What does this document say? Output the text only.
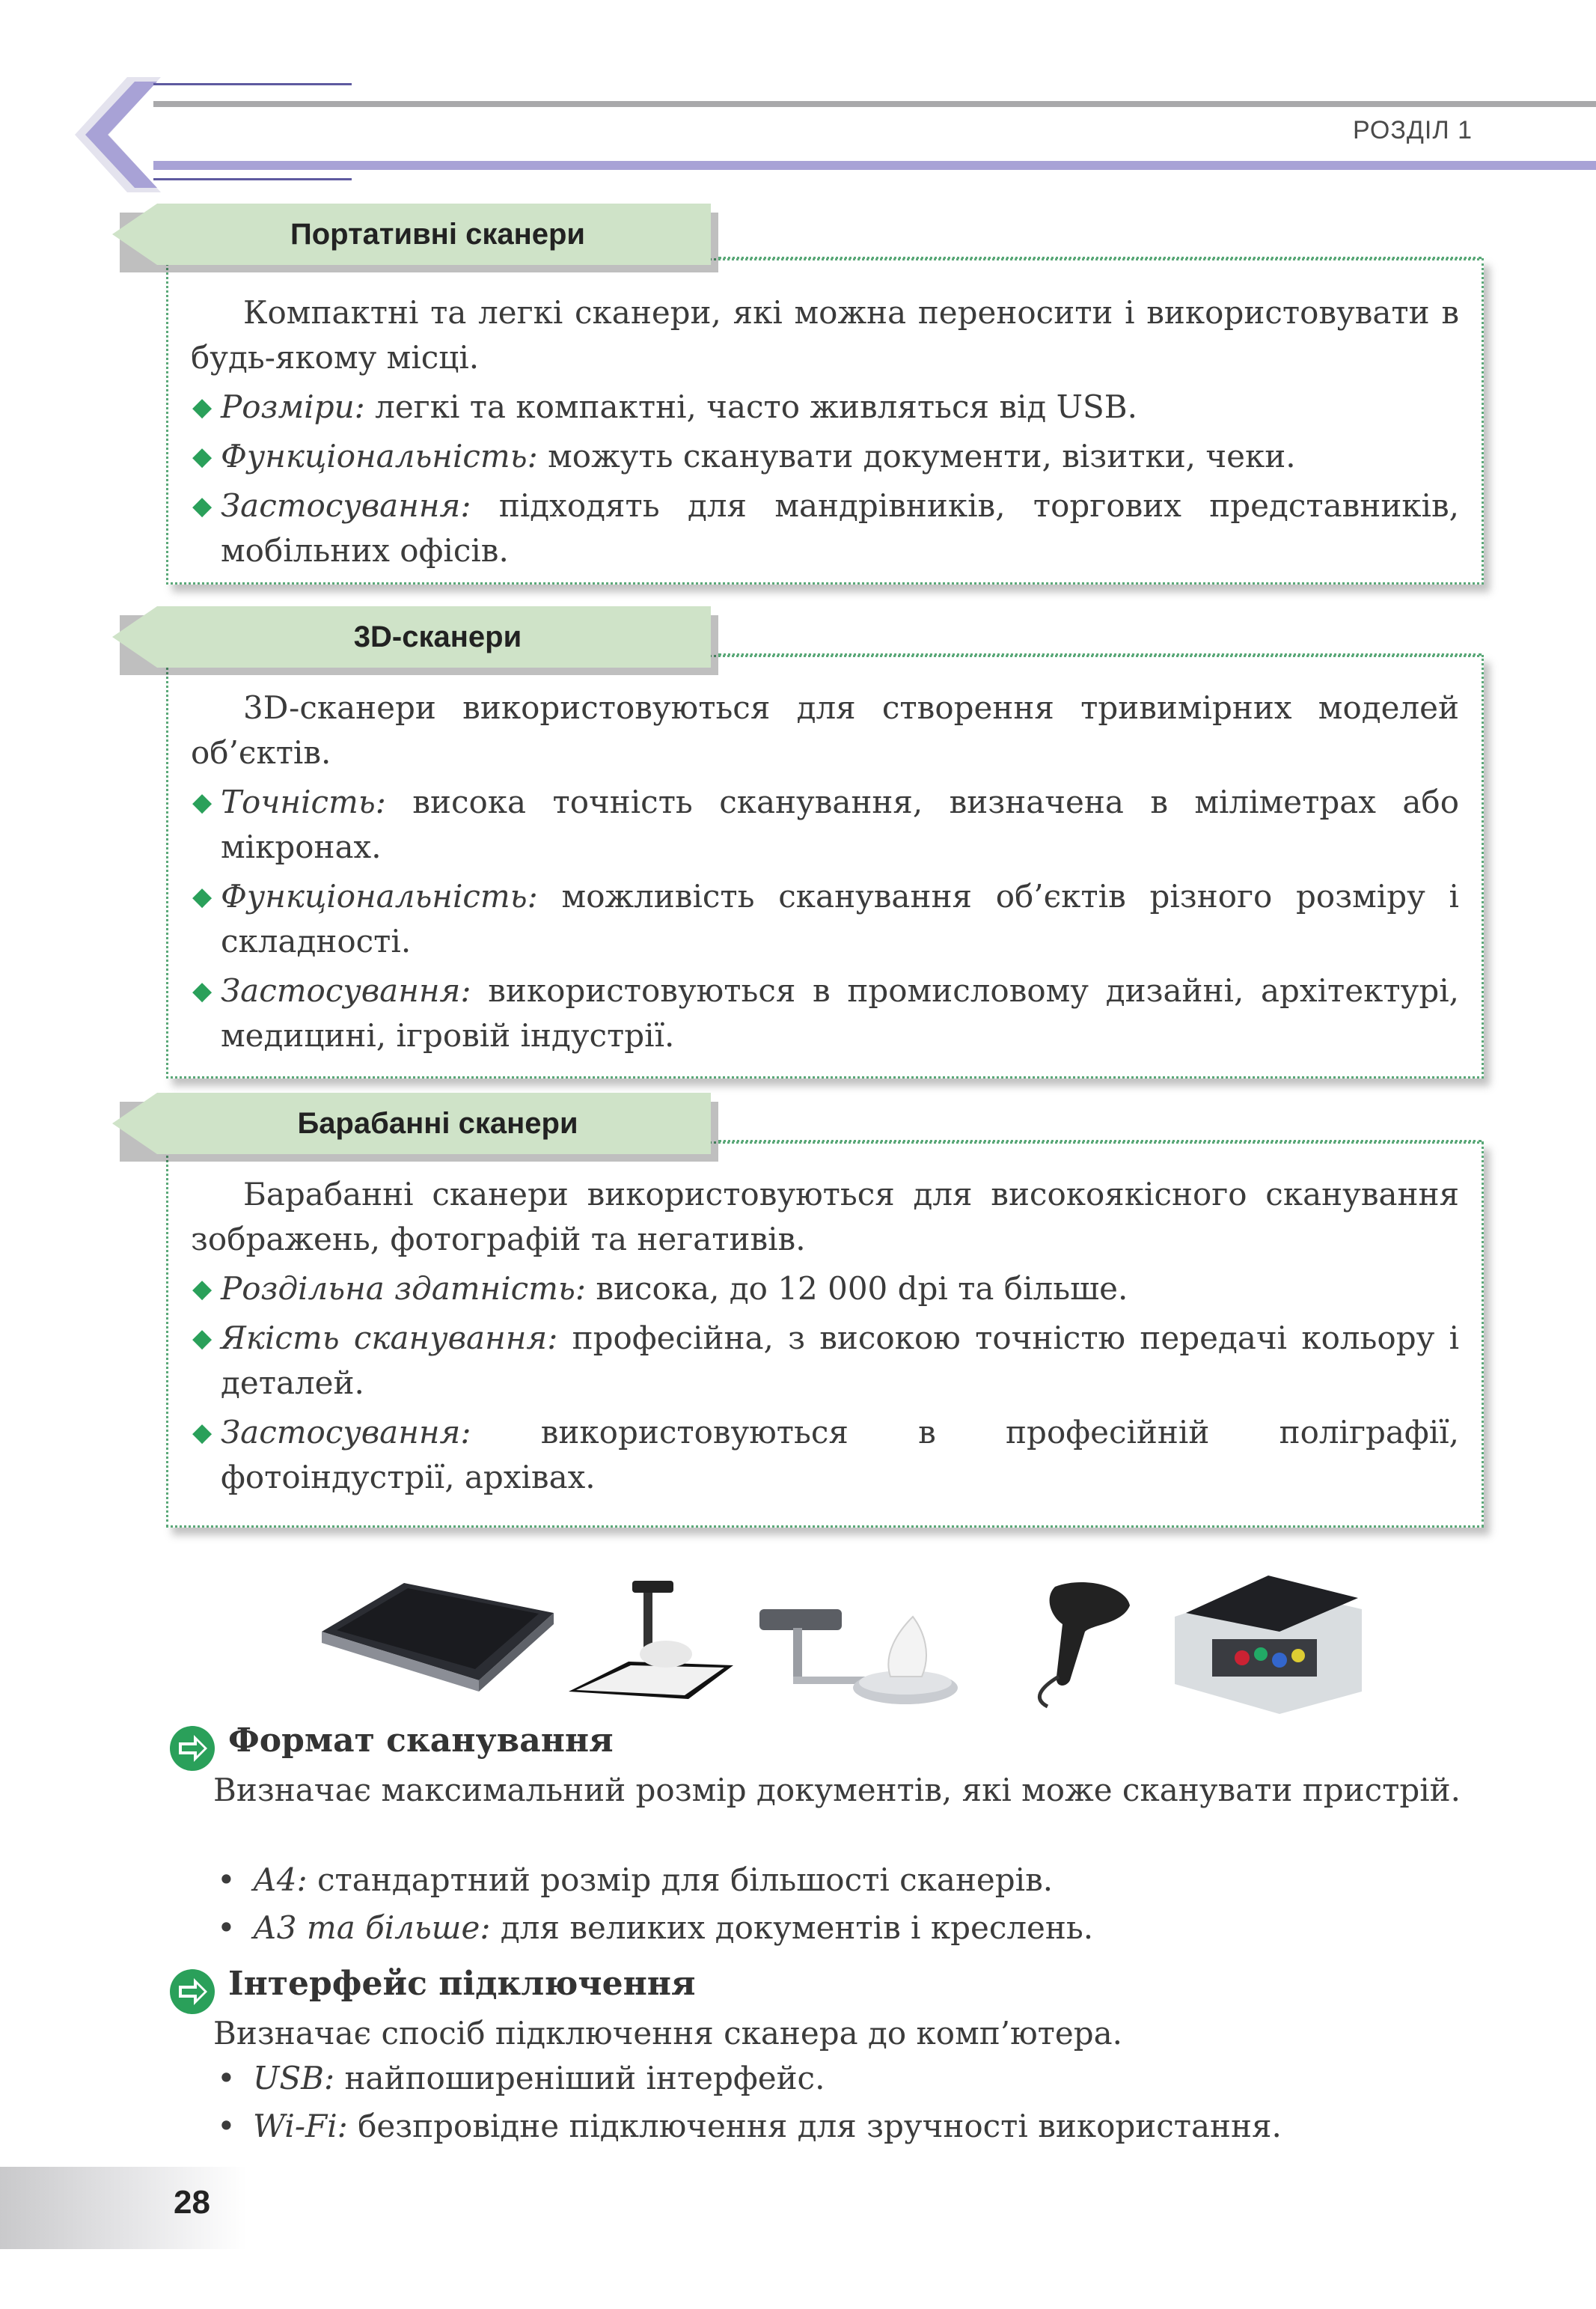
РОЗДІЛ 1

Компактні та легкі сканери, які можна переносити і використовувати в будь-якому місці.

◆ Розміри: легкі та компактні, часто живляться від USB.
◆ Функціональність: можуть сканувати документи, візитки, чеки.
◆ Застосування: підходять для мандрівників, торгових представників, мобільних офісів.
Портативні сканери

3D-сканери використовуються для створення тривимірних моделей об’єктів.

◆ Точність: висока точність сканування, визначена в міліметрах або мікронах.
◆ Функціональність: можливість сканування об’єктів різного розміру і складності.
◆ Застосування: використовуються в промисловому дизайні, архітектурі, медицині, ігровій індустрії.
3D-сканери

Барабанні сканери використовуються для високоякісного сканування зображень, фотографій та негативів.

◆ Роздільна здатність: висока, до 12 000 dpi та більше.
◆ Якість сканування: професійна, з високою точністю передачі кольору і деталей.
◆ Застосування: використовуються в професійній поліграфії, фотоіндустрії, архівах.
Барабанні сканери
Формат сканування

Визначає максимальний розмір документів, які може сканувати пристрій.

• А4: стандартний розмір для більшості сканерів.
• А3 та більше: для великих документів і креслень.
Інтерфейс підключення

Визначає спосіб підключення сканера до комп’ютера.

• USB: найпоширеніший інтерфейс.
• Wi-Fi: безпровідне підключення для зручності використання.
28
